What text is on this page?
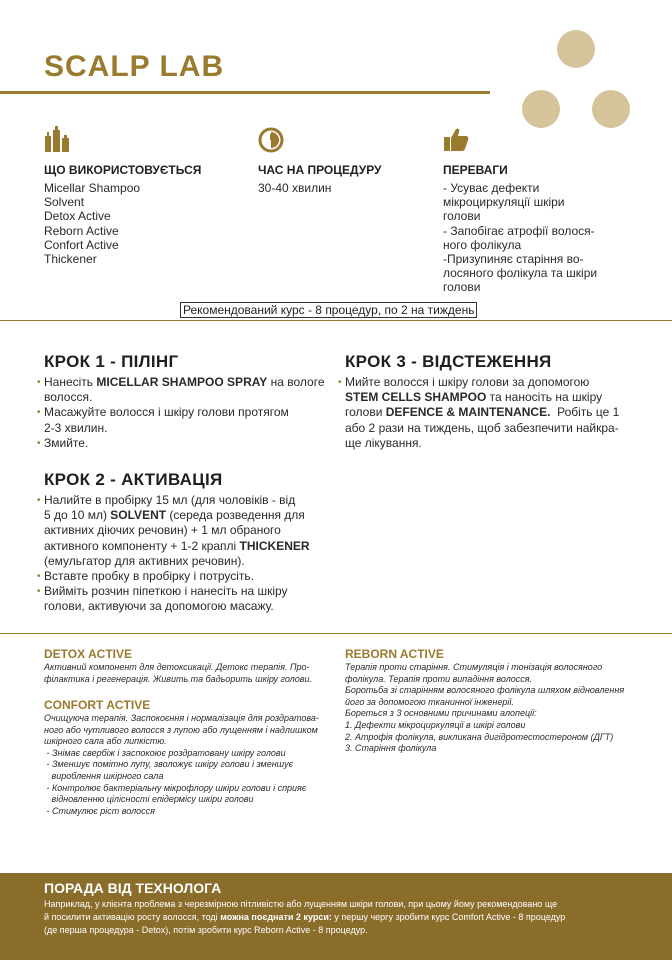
SCALP LAB
ЩО ВИКОРИСТОВУЄТЬСЯ
Micellar Shampoo
Solvent
Detox Active
Reborn Active
Confort Active
Thickener
ЧАС НА ПРОЦЕДУРУ
30-40 хвилин
ПЕРЕВАГИ
- Усуває дефекти
мікроциркуляції шкіри
голови
- Запобігає атрофії волося-
ного фолікула
-Призупиняє старіння во-
лосяного фолікула та шкіри
голови
Рекомендований курс - 8 процедур, по 2 на тиждень
КРОК 1 - ПІЛІНГ
• Нанесіть MICELLAR SHAMPOO SPRAY на вологе
волосся.
• Масажуйте волосся і шкіру голови протягом
2-3 хвилин.
• Змийте.
КРОК 2 - АКТИВАЦІЯ
• Налийте в пробірку 15 мл (для чоловіків - від
5 до 10 мл) SOLVENT (середа розведення для
активних діючих речовин) + 1 мл обраного
активного компоненту + 1-2 краплі THICKENER
(емульгатор для активних речовин).
• Вставте пробку в пробірку і потрусіть.
• Вийміть розчин піпеткою і нанесіть на шкіру
голови, активуючи за допомогою масажу.
КРОК 3 - ВІДСТЕЖЕННЯ
• Мийте волосся і шкіру голови за допомогою
STEM CELLS SHAMPOO та наносіть на шкіру
голови DEFENCE & MAINTENANCE.  Робіть це 1
або 2 рази на тиждень, щоб забезпечити найкра-
ще лікування.
DETOX ACTIVE
Активний компонент для детоксикації. Детокс терапія. Про-
філактика і регенерація. Живить та бадьорить шкіру голови.
CONFORT ACTIVE
Очищуюча терапія. Заспокоєння і нормалізація для роздратова-
ного або чутливого волосся з лупою або лущенням і надлишком
шкірного сала або липкістю.
- Знімає свербіж і заспокоює роздратовану шкіру голови
- Зменшує помітно лупу, зволожує шкіру голови і зменшує
вироблення шкірного сала
- Контролює бактеріальну мікрофлору шкіри голови і сприяє
відновленню цілісності епідермісу шкіри голови
- Стимулює ріст волосся
REBORN ACTIVE
Терапія проти старіння. Стимуляція і тонізація волосяного
фолікула. Терапія проти випадіння волосся.
Боротьба зі старінням волосяного фолікула шляхом відновлення
його за допомогою тканинної інженерії.
Бореться з 3 основними причинами алопеції:
1. Дефекти мікроциркуляції в шкірі голови
2. Атрофія фолікула, викликана дигідротестостероном (ДГТ)
3. Старіння фолікула
ПОРАДА ВІД ТЕХНОЛОГА
Наприклад, у клієнта проблема з черезмірною пітливістю або лущенням шкіри голови, при цьому йому рекомендовано ще
й посилити активацію росту волосся, тоді можна поєднати 2 курси: у першу чергу зробити курс Comfort Active - 8 процедур
(де перша процедура - Detox), потім зробити курс Reborn Active - 8 процедур.
